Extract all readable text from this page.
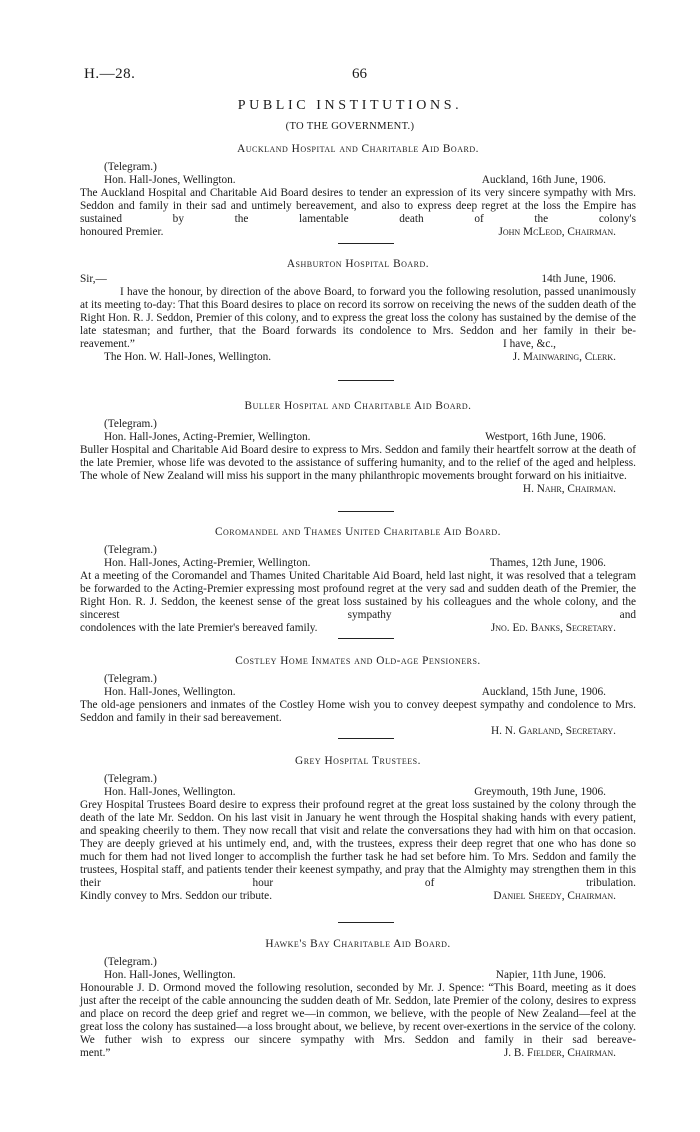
H.—28.	66
PUBLIC INSTITUTIONS.
(TO THE GOVERNMENT.)

Auckland Hospital and Charitable Aid Board.

(Telegram.)

Hon. Hall-Jones, Wellington.	Auckland, 16th June, 1906.

The Auckland Hospital and Charitable Aid Board desires to tender an expression of its very sincere sympathy with Mrs. Seddon and family in their sad and untimely bereavement, and also to express deep regret at the loss the Empire has sustained by the lamentable death of the colony's

honoured Premier.	John McLeod, Chairman.

Ashburton Hospital Board.

Sir,—	14th June, 1906.

I have the honour, by direction of the above Board, to forward you the following resolution, passed unanimously at its meeting to-day: That this Board desires to place on record its sorrow on receiving the news of the sudden death of the Right Hon. R. J. Seddon, Premier of this colony, and to express the great loss the colony has sustained by the demise of the late statesman; and further, that the Board forwards its condolence to Mrs. Seddon and her family in their be-

reavement.”	I have, &c.,
The Hon. W. Hall-Jones, Wellington.	J. Mainwaring, Clerk.

Buller Hospital and Charitable Aid Board.

(Telegram.)

Hon. Hall-Jones, Acting-Premier, Wellington.	Westport, 16th June, 1906.

Buller Hospital and Charitable Aid Board desire to express to Mrs. Seddon and family their heartfelt sorrow at the death of the late Premier, whose life was devoted to the assistance of suffering humanity, and to the relief of the aged and helpless. The whole of New Zealand will miss his support in the many philanthropic movements brought forward on his initiaitve.

H. Nahr, Chairman.

Coromandel and Thames United Charitable Aid Board.

(Telegram.)

Hon. Hall-Jones, Acting-Premier, Wellington.	Thames, 12th June, 1906.

At a meeting of the Coromandel and Thames United Charitable Aid Board, held last night, it was resolved that a telegram be forwarded to the Acting-Premier expressing most profound regret at the very sad and sudden death of the Premier, the Right Hon. R. J. Seddon, the keenest sense of the great loss sustained by his colleagues and the whole colony, and the sincerest sympathy and

condolences with the late Premier's bereaved family.	Jno. Ed. Banks, Secretary.

Costley Home Inmates and Old-age Pensioners.

(Telegram.)

Hon. Hall-Jones, Wellington.	Auckland, 15th June, 1906.

The old-age pensioners and inmates of the Costley Home wish you to convey deepest sympathy and condolence to Mrs. Seddon and family in their sad bereavement.

H. N. Garland, Secretary.

Grey Hospital Trustees.

(Telegram.)

Hon. Hall-Jones, Wellington.	Greymouth, 19th June, 1906.

Grey Hospital Trustees Board desire to express their profound regret at the great loss sustained by the colony through the death of the late Mr. Seddon. On his last visit in January he went through the Hospital shaking hands with every patient, and speaking cheerily to them. They now recall that visit and relate the conversations they had with him on that occasion. They are deeply grieved at his untimely end, and, with the trustees, express their deep regret that one who has done so much for them had not lived longer to accomplish the further task he had set before him. To Mrs. Seddon and family the trustees, Hospital staff, and patients tender their keenest sympathy, and pray that the Almighty may strengthen them in this their hour of tribulation.

Kindly convey to Mrs. Seddon our tribute.	Daniel Sheedy, Chairman.

Hawke's Bay Charitable Aid Board.

(Telegram.)

Hon. Hall-Jones, Wellington.	Napier, 11th June, 1906.

Honourable J. D. Ormond moved the following resolution, seconded by Mr. J. Spence: “This Board, meeting as it does just after the receipt of the cable announcing the sudden death of Mr. Seddon, late Premier of the colony, desires to express and place on record the deep grief and regret we—in common, we believe, with the people of New Zealand—feel at the great loss the colony has sustained—a loss brought about, we believe, by recent over-exertions in the service of the colony. We futher wish to express our sincere sympathy with Mrs. Seddon and family in their sad bereave-

ment.”	J. B. Fielder, Chairman.
